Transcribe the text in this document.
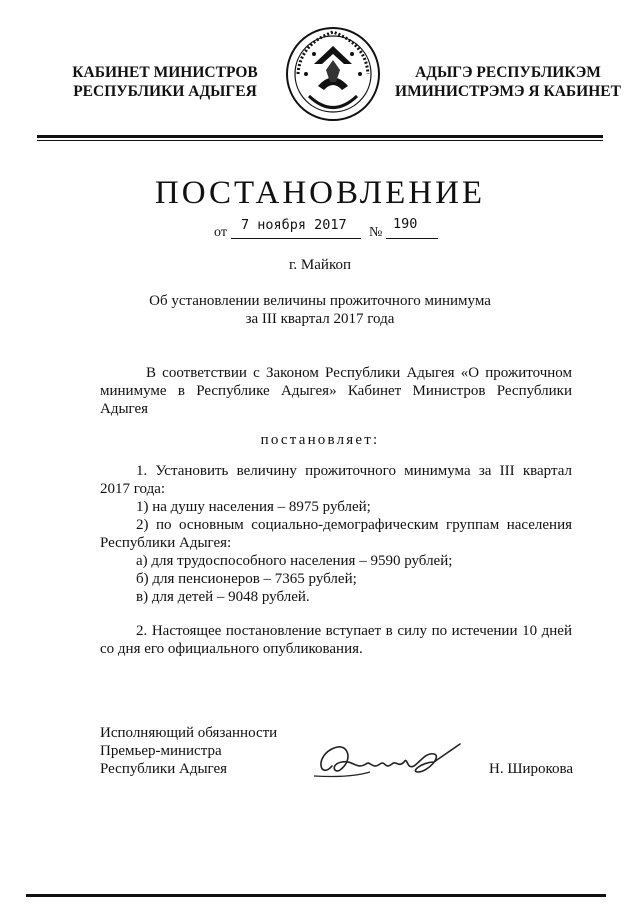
КАБИНЕТ МИНИСТРОВ
РЕСПУБЛИКИ АДЫГЕЯ
АДЫГЭ РЕСПУБЛИКЭМ
ИМИНИСТРЭМЭ Я КАБИНЕТ
ПОСТАНОВЛЕНИЕ
от 7 ноября 2017 №
190
г. Майкоп
Об установлении величины прожиточного минимума
за III квартал 2017 года
В соответствии с Законом Республики Адыгея «О прожиточном
минимуме в Республике Адыгея» Кабинет Министров Республики
Адыгея
постановляет:
1. Установить величину прожиточного минимума за III квартал
2017 года:
1) на душу населения – 8975 рублей;
2) по основным социально-демографическим группам населения
Республики Адыгея:
а) для трудоспособного населения – 9590 рублей;
б) для пенсионеров – 7365 рублей;
в) для детей – 9048 рублей.
2. Настоящее постановление вступает в силу по истечении 10 дней
со дня его официального опубликования.
Исполняющий обязанности
Премьер-министра
Республики Адыгея	Н. Широкова
